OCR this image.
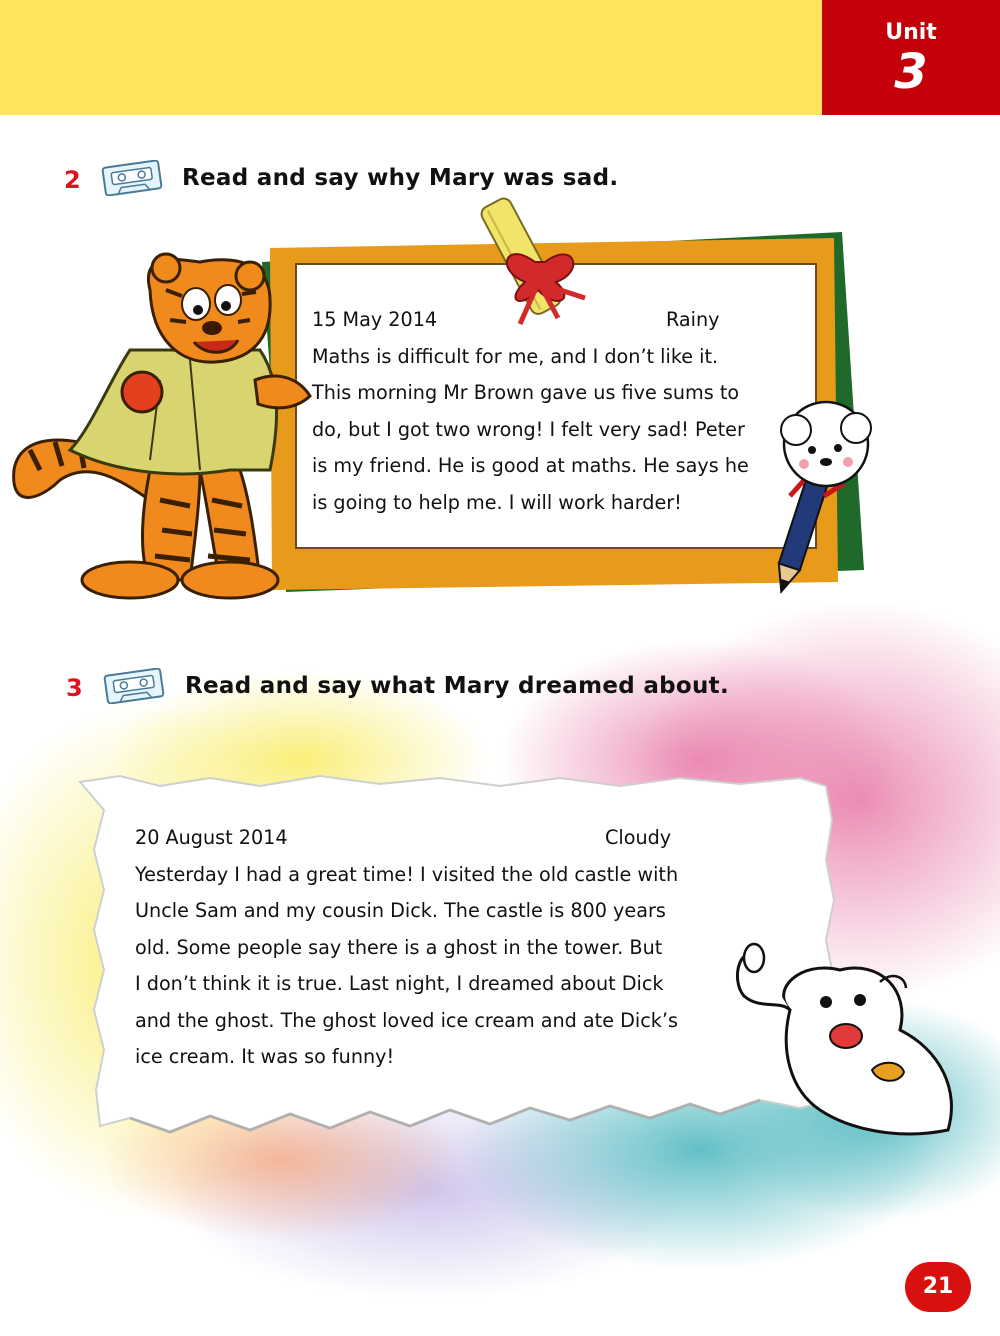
Unit
3
2	Read and say why Mary was sad.
15 May 2014	Rainy

Maths is difficult for me, and I don’t like it.

This morning Mr Brown gave us five sums to

do, but I got two wrong! I felt very sad! Peter

is my friend. He is good at maths. He says he

is going to help me. I will work harder!

3	Read and say what Mary dreamed about.
20 August 2014	Cloudy

Yesterday I had a great time! I visited the old castle with

Uncle Sam and my cousin Dick. The castle is 800 years

old. Some people say there is a ghost in the tower. But

I don’t think it is true. Last night, I dreamed about Dick

and the ghost. The ghost loved ice cream and ate Dick’s

ice cream. It was so funny!

21
